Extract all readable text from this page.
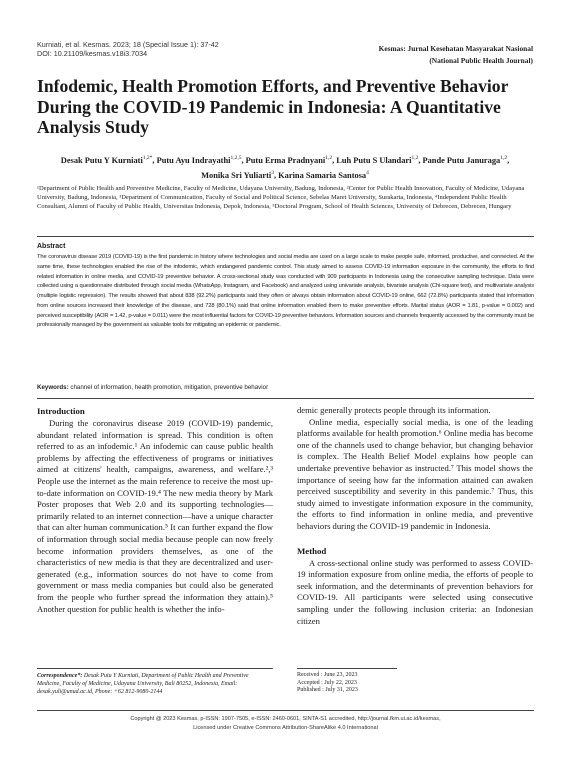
Kurniati, et al. Kesmas. 2023; 18 (Special Issue 1): 37-42
DOI: 10.21109/kesmas.v18i3.7034
Kesmas: Jurnal Kesehatan Masyarakat Nasional
(National Public Health Journal)
Infodemic, Health Promotion Efforts, and Preventive Behavior During the COVID-19 Pandemic in Indonesia: A Quantitative Analysis Study
Desak Putu Y Kurniati$^{1,2*}$, Putu Ayu Indrayathi$^{1,2,5}$, Putu Erma Pradnyani$^{1,2}$, Luh Putu S Ulandari$^{1,2}$, Pande Putu Januraga$^{1,2}$, Monika Sri Yuliarti$^3$, Karina Samaria Santosa$^4$

¹Department of Public Health and Preventive Medicine, Faculty of Medicine, Udayana University, Badung, Indonesia, ²Center for Public Health Innovation, Faculty of Medicine, Udayana University, Badung, Indonesia, ³Department of Communication, Faculty of Social and Political Science, Sebelas Maret University, Surakarta, Indonesia, ⁴Independent Public Health Consultant, Alumni of Faculty of Public Health, Universitas Indonesia, Depok, Indonesia, ⁵Doctoral Program, School of Health Sciences, University of Debrecen, Debrecen, Hungary

Abstract

The coronavirus disease 2019 (COVID-19) is the first pandemic in history where technologies and social media are used on a large scale to make people safe, informed, productive, and connected. At the same time, these technologies enabled the rise of the infodemic, which endangered pandemic control. This study aimed to assess COVID-19 information exposure in the community, the efforts to find related information in online media, and COVID-19 preventive behavior. A cross-sectional study was conducted with 909 participants in Indonesia using the consecutive sampling technique. Data were collected using a questionnaire distributed through social media (WhatsApp, Instagram, and Facebook) and analyzed using univariate analysis, bivariate analysis (Chi-square test), and multivariate analysis (multiple logistic regression). The results showed that about 838 (92.2%) participants said they often or always obtain information about COVID-19 online, 662 (72.8%) participants stated that information from online sources increased their knowledge of the disease, and 728 (80.1%) said that online information enabled them to make preventive efforts. Marital status (AOR = 1.81, p-value = 0.002) and perceived susceptibility (AOR = 1.42, p-value = 0.011) were the most influential factors for COVID-19 preventive behaviors. Information sources and channels frequently accessed by the community must be professionally managed by the government as valuable tools for mitigating an epidemic or pandemic.

Keywords: channel of information, health promotion, mitigation, preventive behavior
Introduction

During the coronavirus disease 2019 (COVID-19) pandemic, abundant related information is spread. This condition is often referred to as an infodemic.¹ An infodemic can cause public health problems by affecting the effectiveness of programs or initiatives aimed at citizens' health, campaigns, awareness, and welfare.²,³ People use the internet as the main reference to receive the most up-to-date information on COVID-19.⁴ The new media theory by Mark Poster proposes that Web 2.0 and its supporting technologies—primarily related to an internet connection—have a unique character that can alter human communication.⁵ It can further expand the flow of information through social media because people can now freely become information providers themselves, as one of the characteristics of new media is that they are decentralized and user-generated (e.g., information sources do not have to come from government or mass media companies but could also be generated from the people who further spread the information they attain).⁵ Another question for public health is whether the info-

demic generally protects people through its information.

Online media, especially social media, is one of the leading platforms available for health promotion.⁶ Online media has become one of the channels used to change behavior, but changing behavior is complex. The Health Belief Model explains how people can undertake preventive behavior as instructed.⁷ This model shows the importance of seeing how far the information attained can awaken perceived susceptibility and severity in this pandemic.⁷ Thus, this study aimed to investigate information exposure in the community, the efforts to find information in online media, and preventive behaviors during the COVID-19 pandemic in Indonesia.

Method

A cross-sectional online study was performed to assess COVID-19 information exposure from online media, the efforts of people to seek information, and the determinants of prevention behaviors for COVID-19. All participants were selected using consecutive sampling under the following inclusion criteria: an Indonesian citizen

Correspondence*: Desak Putu Y Kurniati, Department of Public Health and Preventive Medicine, Faculty of Medicine, Udayana University, Bali 80252, Indonesia, Email: desak.yuli@unud.ac.id, Phone: +62 812-9080-2144
Received : June 23, 2023
Accepted : July 22, 2023
Published : July 31, 2023
Copyright @ 2023 Kesmas, p-ISSN: 1907-7505, e-ISSN: 2460-0601, SINTA-S1 accredited, http://journal.fkm.ui.ac.id/kesmas,
Licensed under Creative Commons Attribution-ShareAlike 4.0 International
